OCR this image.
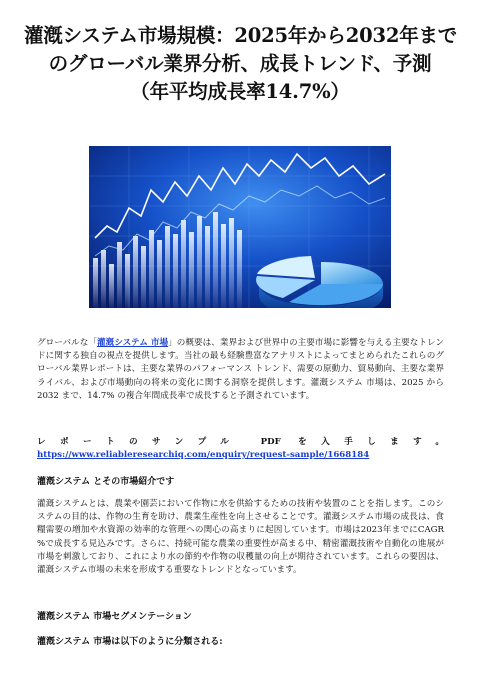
灌漑システム市場規模：2025年から2032年まで
のグローバル業界分析、成長トレンド、予測
（年平均成長率14.7%）

グローバルな「灌漑システム 市場」の概要は、業界および世界中の主要市場に影響を与える主要なトレンドに関する独自の視点を提供します。当社の最も経験豊富なアナリストによってまとめられたこれらのグローバル業界レポートは、主要な業界のパフォーマンス トレンド、需要の原動力、貿易動向、主要な業界ライバル、および市場動向の将来の変化に関する洞察を提供します。灌漑システム 市場は、2025 から 2032 まで、14.7% の複合年間成長率で成長すると予測されています。

レポートのサンプル PDF を入手します。 https://www.reliableresearchiq.com/enquiry/request-sample/1668184

灌漑システム とその市場紹介です

灌漑システムとは、農業や園芸において作物に水を供給するための技術や装置のことを指します。このシステムの目的は、作物の生育を助け、農業生産性を向上させることです。灌漑システム市場の成長は、食糧需要の増加や水資源の効率的な管理への関心の高まりに起因しています。市場は2023年までにCAGR %で成長する見込みです。さらに、持続可能な農業の重要性が高まる中、精密灌漑技術や自動化の進展が市場を刺激しており、これにより水の節約や作物の収穫量の向上が期待されています。これらの要因は、灌漑システム市場の未来を形成する重要なトレンドとなっています。

灌漑システム 市場セグメンテーション
灌漑システム 市場は以下のように分類される:
